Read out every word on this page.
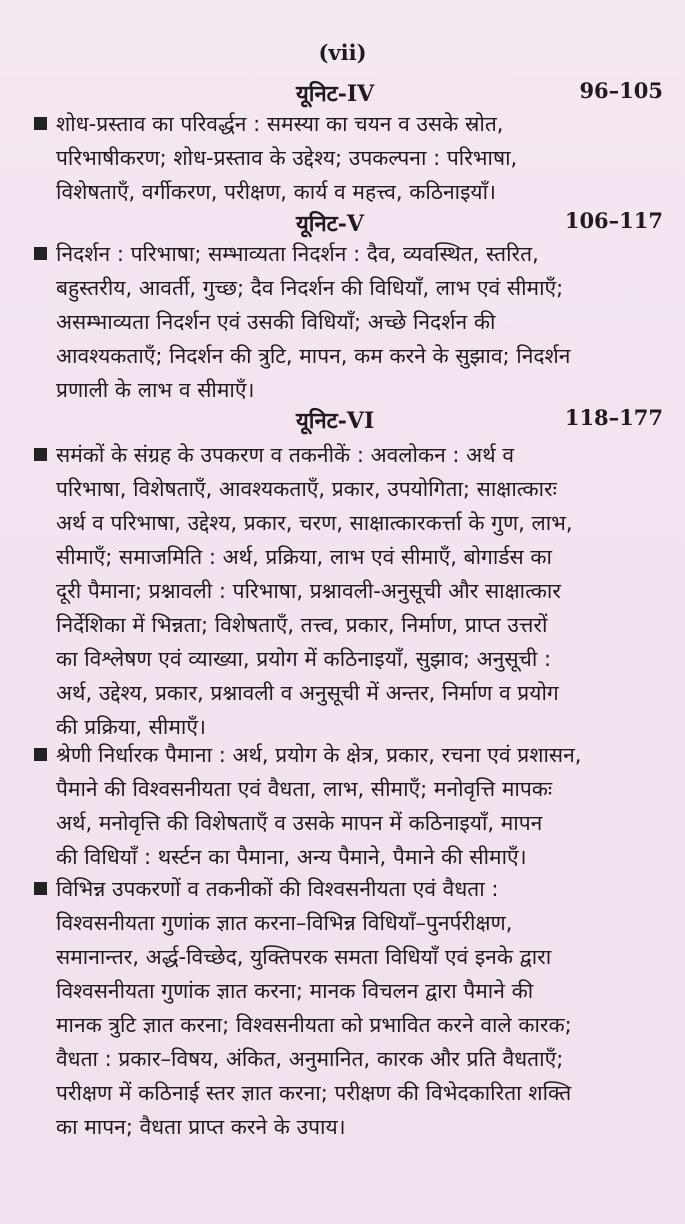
(vii)
यूनिट-IV	96–105
शोध-प्रस्ताव का परिवर्द्धन : समस्या का चयन व उसके स्रोत,
परिभाषीकरण; शोध-प्रस्ताव के उद्देश्य; उपकल्पना : परिभाषा,
विशेषताएँ, वर्गीकरण, परीक्षण, कार्य व महत्त्व, कठिनाइयाँ।
यूनिट-V	106–117
निदर्शन : परिभाषा; सम्भाव्यता निदर्शन : दैव, व्यवस्थित, स्तरित,
बहुस्तरीय, आवर्ती, गुच्छ; दैव निदर्शन की विधियाँ, लाभ एवं सीमाएँ;
असम्भाव्यता निदर्शन एवं उसकी विधियाँ; अच्छे निदर्शन की
आवश्यकताएँ; निदर्शन की त्रुटि, मापन, कम करने के सुझाव; निदर्शन
प्रणाली के लाभ व सीमाएँ।
यूनिट-VI	118–177
समंकों के संग्रह के उपकरण व तकनीकें : अवलोकन : अर्थ व
परिभाषा, विशेषताएँ, आवश्यकताएँ, प्रकार, उपयोगिता; साक्षात्कारः
अर्थ व परिभाषा, उद्देश्य, प्रकार, चरण, साक्षात्कारकर्त्ता के गुण, लाभ,
सीमाएँ; समाजमिति : अर्थ, प्रक्रिया, लाभ एवं सीमाएँ, बोगार्डस का
दूरी पैमाना; प्रश्नावली : परिभाषा, प्रश्नावली-अनुसूची और साक्षात्कार
निर्देशिका में भिन्नता; विशेषताएँ, तत्त्व, प्रकार, निर्माण, प्राप्त उत्तरों
का विश्लेषण एवं व्याख्या, प्रयोग में कठिनाइयाँ, सुझाव; अनुसूची :
अर्थ, उद्देश्य, प्रकार, प्रश्नावली व अनुसूची में अन्तर, निर्माण व प्रयोग
की प्रक्रिया, सीमाएँ।
श्रेणी निर्धारक पैमाना : अर्थ, प्रयोग के क्षेत्र, प्रकार, रचना एवं प्रशासन,
पैमाने की विश्वसनीयता एवं वैधता, लाभ, सीमाएँ; मनोवृत्ति मापकः
अर्थ, मनोवृत्ति की विशेषताएँ व उसके मापन में कठिनाइयाँ, मापन
की विधियाँ : थर्स्टन का पैमाना, अन्य पैमाने, पैमाने की सीमाएँ।
विभिन्न उपकरणों व तकनीकों की विश्वसनीयता एवं वैधता :
विश्वसनीयता गुणांक ज्ञात करना–विभिन्न विधियाँ–पुनर्परीक्षण,
समानान्तर, अर्द्ध-विच्छेद, युक्तिपरक समता विधियाँ एवं इनके द्वारा
विश्वसनीयता गुणांक ज्ञात करना; मानक विचलन द्वारा पैमाने की
मानक त्रुटि ज्ञात करना; विश्वसनीयता को प्रभावित करने वाले कारक;
वैधता : प्रकार–विषय, अंकित, अनुमानित, कारक और प्रति वैधताएँ;
परीक्षण में कठिनाई स्तर ज्ञात करना; परीक्षण की विभेदकारिता शक्ति
का मापन; वैधता प्राप्त करने के उपाय।
